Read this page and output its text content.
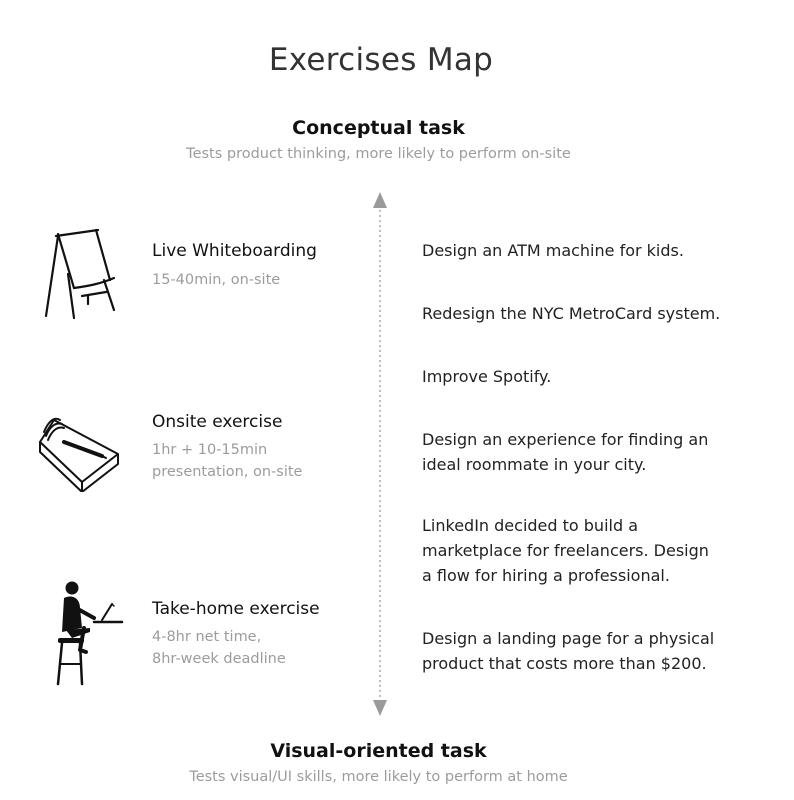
Exercises Map
Conceptual task
Tests product thinking, more likely to perform on-site
Live Whiteboarding
15-40min, on-site
Onsite exercise
1hr + 10-15min
presentation, on-site
Take-home exercise
4-8hr net time,
8hr-week deadline
Design an ATM machine for kids.
Redesign the NYC MetroCard system.
Improve Spotify.
Design an experience for finding an
ideal roommate in your city.
LinkedIn decided to build a
marketplace for freelancers. Design
a flow for hiring a professional.
Design a landing page for a physical
product that costs more than $200.
Visual-oriented task
Tests visual/UI skills, more likely to perform at home
